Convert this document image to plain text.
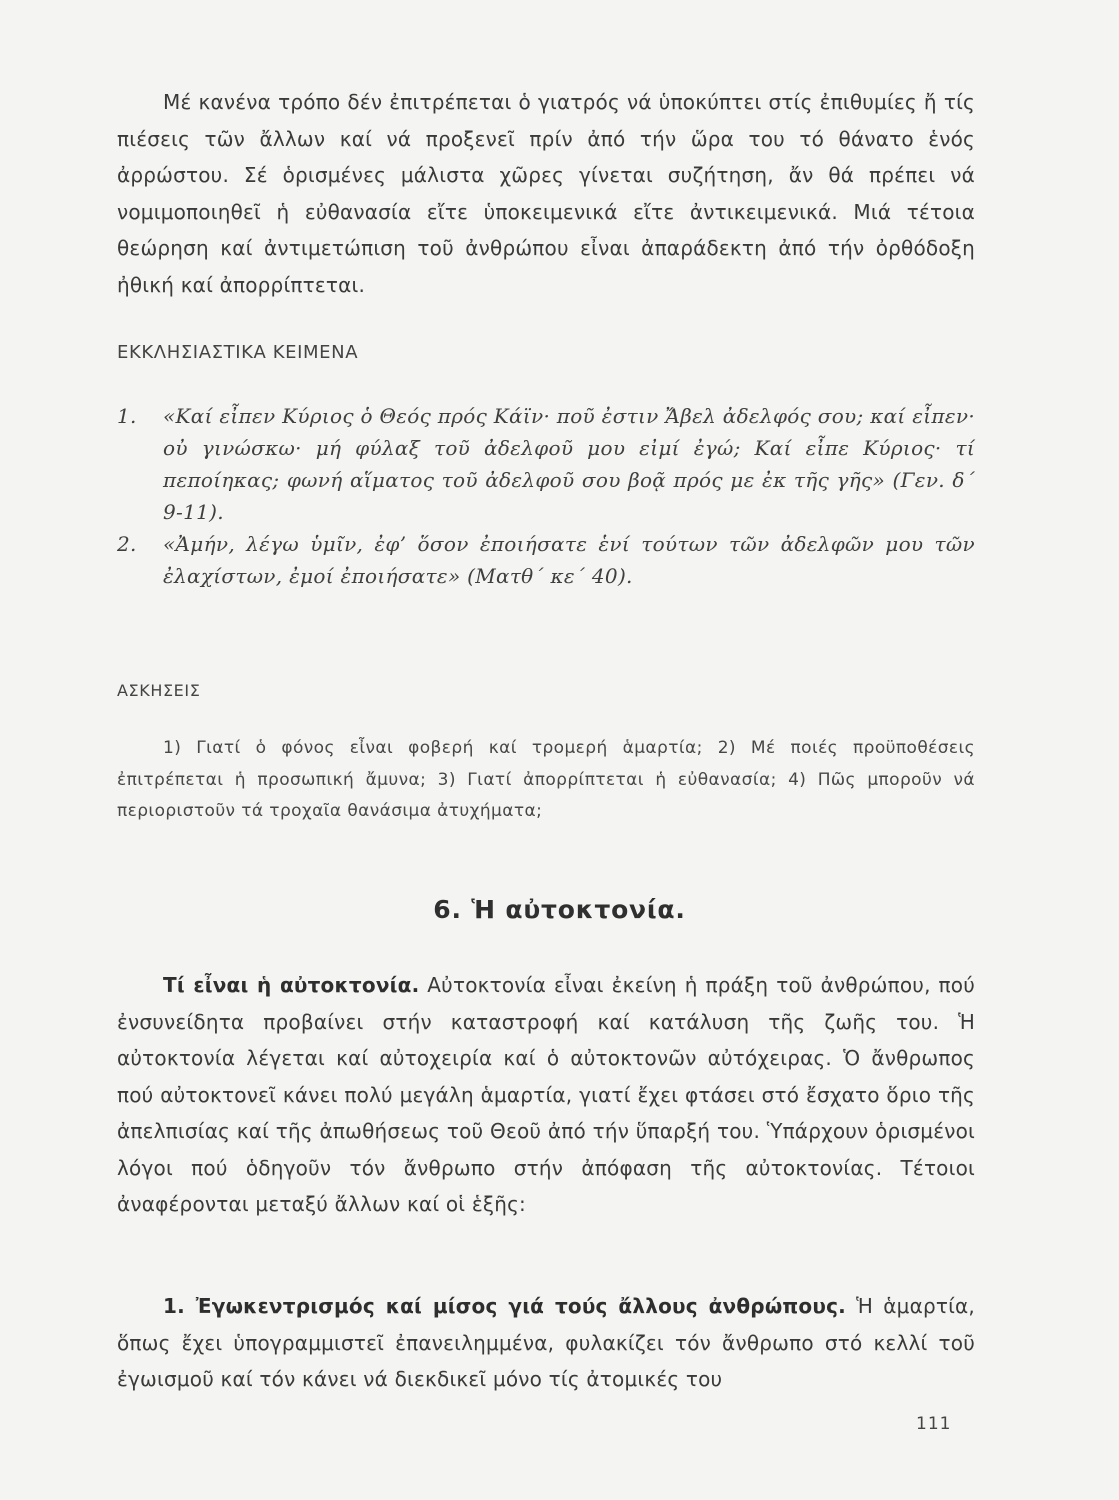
Μέ κανένα τρόπο δέν ἐπιτρέπεται ὁ γιατρός νά ὑποκύπτει στίς ἐπιθυμίες ἤ τίς πιέσεις τῶν ἄλλων καί νά προξενεῖ πρίν ἀπό τήν ὥρα του τό θάνατο ἑνός ἀρρώστου. Σέ ὁρισμένες μάλιστα χῶρες γίνεται συζήτηση, ἄν θά πρέπει νά νομιμοποιηθεῖ ἡ εὐθανασία εἴτε ὑποκειμενικά εἴτε ἀντικειμενικά. Μιά τέτοια θεώρηση καί ἀντιμετώπιση τοῦ ἀνθρώπου εἶναι ἀπαράδεκτη ἀπό τήν ὀρθόδοξη ἠθική καί ἀπορρίπτεται.

ΕΚΚΛΗΣΙΑΣΤΙΚΑ ΚΕΙΜΕΝΑ
1. «Καί εἶπεν Κύριος ὁ Θεός πρός Κάϊν· ποῦ ἐστιν Ἄβελ ἀδελφός σου; καί εἶπεν· οὐ γινώσκω· μή φύλαξ τοῦ ἀδελφοῦ μου εἰμί ἐγώ; Καί εἶπε Κύριος· τί πεποίηκας; φωνή αἵματος τοῦ ἀδελφοῦ σου βοᾷ πρός με ἐκ τῆς γῆς» (Γεν. δ´ 9-11).
2. «Ἀμήν, λέγω ὑμῖν, ἐφ’ ὅσον ἐποιήσατε ἑνί τούτων τῶν ἀδελφῶν μου τῶν ἐλαχίστων, ἐμοί ἐποιήσατε» (Ματθ´ κε´ 40).
ΑΣΚΗΣΕΙΣ

1) Γιατί ὁ φόνος εἶναι φοβερή καί τρομερή ἁμαρτία; 2) Μέ ποιές προϋποθέσεις ἐπιτρέπεται ἡ προσωπική ἄμυνα; 3) Γιατί ἀπορρίπτεται ἡ εὐθανασία; 4) Πῶς μποροῦν νά περιοριστοῦν τά τροχαῖα θανάσιμα ἀτυχήματα;

6. Ἡ αὐτοκτονία.

Τί εἶναι ἡ αὐτοκτονία. Αὐτοκτονία εἶναι ἐκείνη ἡ πράξη τοῦ ἀνθρώπου, πού ἐνσυνείδητα προβαίνει στήν καταστροφή καί κατάλυση τῆς ζωῆς του. Ἡ αὐτοκτονία λέγεται καί αὐτοχειρία καί ὁ αὐτοκτονῶν αὐτόχειρας. Ὁ ἄνθρωπος πού αὐτοκτονεῖ κάνει πολύ μεγάλη ἁμαρτία, γιατί ἔχει φτάσει στό ἔσχατο ὅριο τῆς ἀπελπισίας καί τῆς ἀπωθήσεως τοῦ Θεοῦ ἀπό τήν ὕπαρξή του. Ὑπάρχουν ὁρισμένοι λόγοι πού ὁδηγοῦν τόν ἄνθρωπο στήν ἀπόφαση τῆς αὐτοκτονίας. Τέτοιοι ἀναφέρονται μεταξύ ἄλλων καί οἱ ἑξῆς:

1. Ἐγωκεντρισμός καί μίσος γιά τούς ἄλλους ἀνθρώπους. Ἡ ἁμαρτία, ὅπως ἔχει ὑπογραμμιστεῖ ἐπανειλημμένα, φυλακίζει τόν ἄνθρωπο στό κελλί τοῦ ἐγωισμοῦ καί τόν κάνει νά διεκδικεῖ μόνο τίς ἀτομικές του

111
